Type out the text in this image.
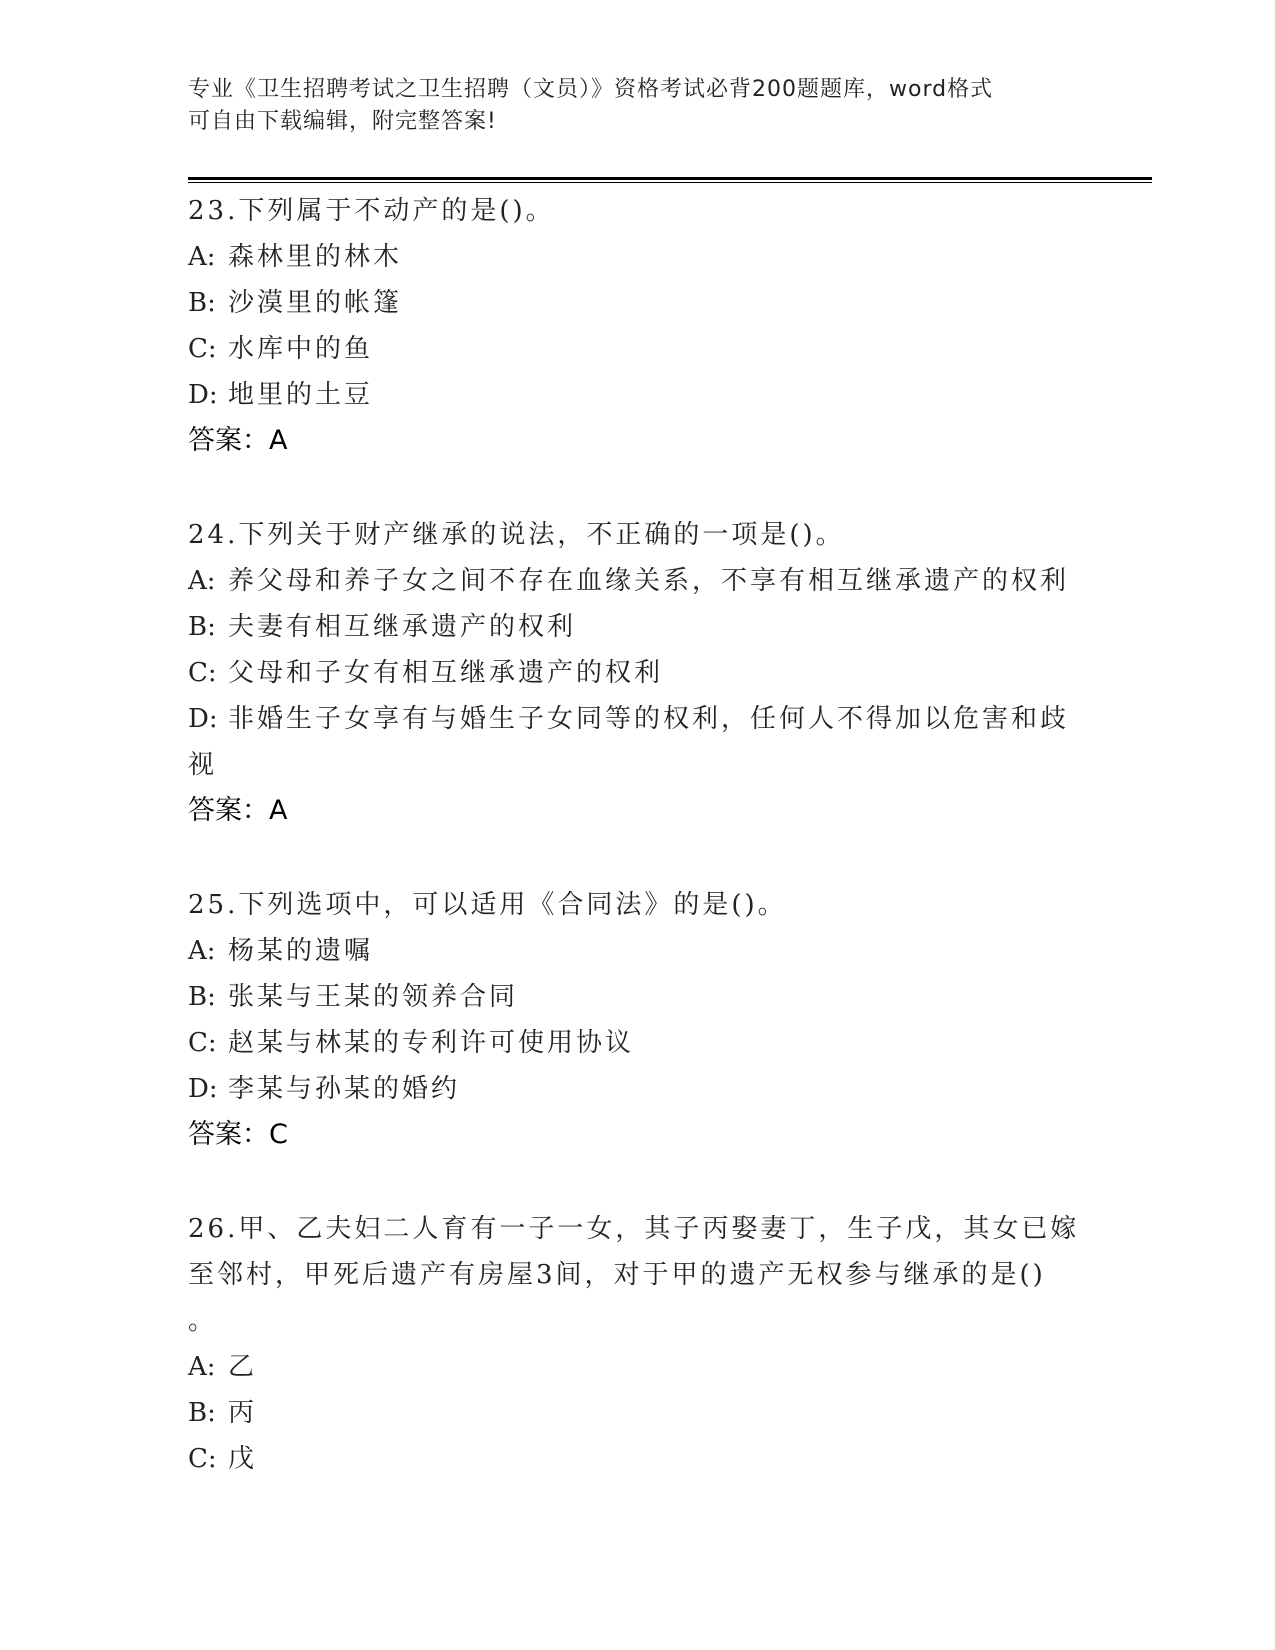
专业《卫生招聘考试之卫生招聘（文员）》资格考试必背200题题库，word格式
可自由下载编辑，附完整答案!

23.下列属于不动产的是()。

A: 森林里的林木

B: 沙漠里的帐篷

C: 水库中的鱼

D: 地里的土豆

答案：A

24.下列关于财产继承的说法，不正确的一项是()。

A: 养父母和养子女之间不存在血缘关系，不享有相互继承遗产的权利

B: 夫妻有相互继承遗产的权利

C: 父母和子女有相互继承遗产的权利

D: 非婚生子女享有与婚生子女同等的权利，任何人不得加以危害和歧

视

答案：A

25.下列选项中，可以适用《合同法》的是()。

A: 杨某的遗嘱

B: 张某与王某的领养合同

C: 赵某与林某的专利许可使用协议

D: 李某与孙某的婚约

答案：C

26.甲、乙夫妇二人育有一子一女，其子丙娶妻丁，生子戊，其女已嫁

至邻村，甲死后遗产有房屋3间，对于甲的遗产无权参与继承的是()

。

A: 乙

B: 丙

C: 戊
